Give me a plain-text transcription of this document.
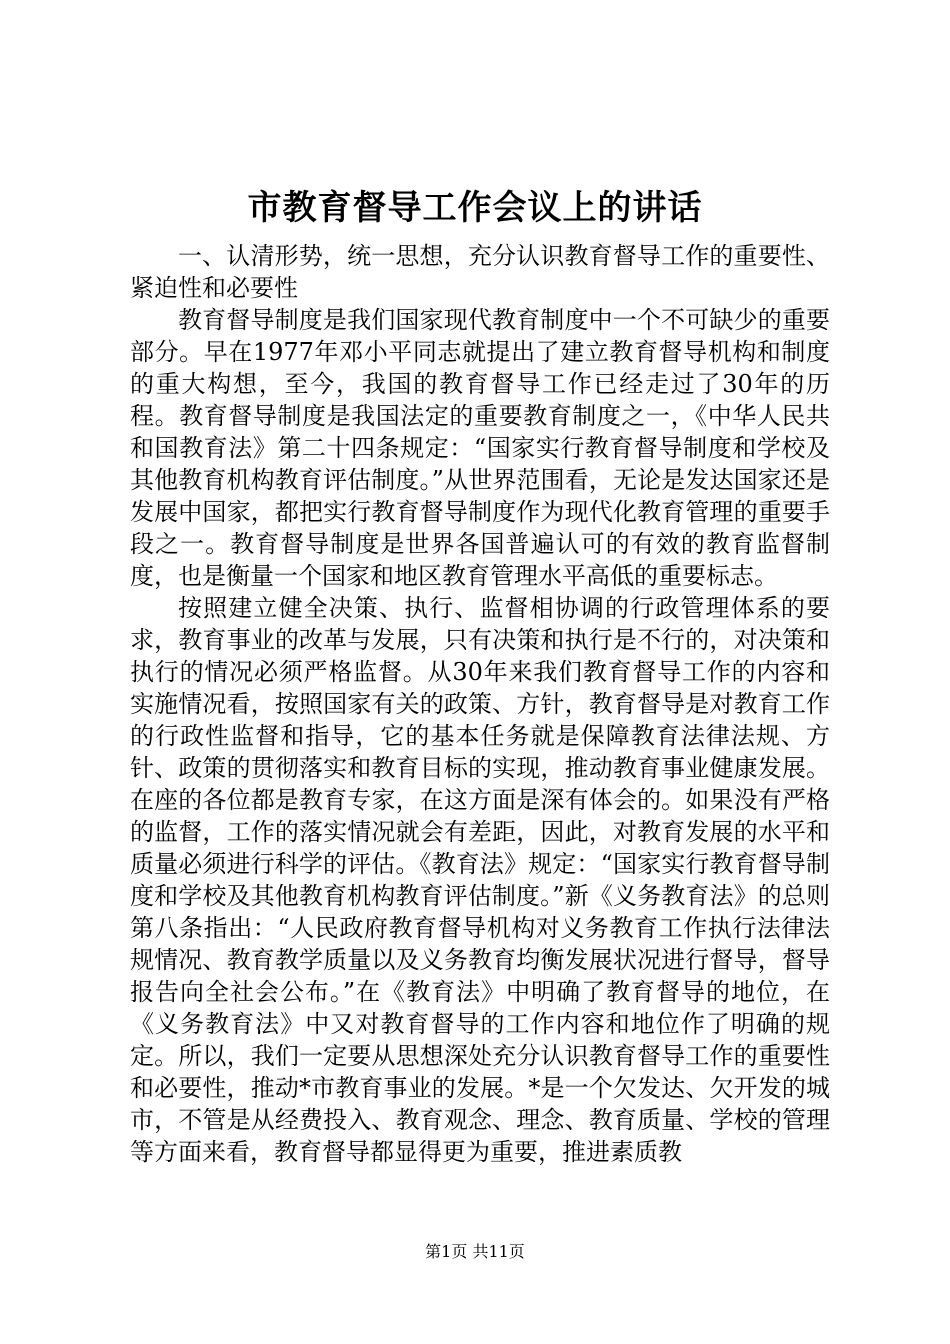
市教育督导工作会议上的讲话

一、认清形势，统一思想，充分认识教育督导工作的重要性、紧迫性和必要性

教育督导制度是我们国家现代教育制度中一个不可缺少的重要部分。早在1977年邓小平同志就提出了建立教育督导机构和制度的重大构想，至今，我国的教育督导工作已经走过了30年的历程。教育督导制度是我国法定的重要教育制度之一，《中华人民共和国教育法》第二十四条规定：“国家实行教育督导制度和学校及其他教育机构教育评估制度。”从世界范围看，无论是发达国家还是发展中国家，都把实行教育督导制度作为现代化教育管理的重要手段之一。教育督导制度是世界各国普遍认可的有效的教育监督制度，也是衡量一个国家和地区教育管理水平高低的重要标志。

按照建立健全决策、执行、监督相协调的行政管理体系的要求，教育事业的改革与发展，只有决策和执行是不行的，对决策和执行的情况必须严格监督。从30年来我们教育督导工作的内容和实施情况看，按照国家有关的政策、方针，教育督导是对教育工作的行政性监督和指导，它的基本任务就是保障教育法律法规、方针、政策的贯彻落实和教育目标的实现，推动教育事业健康发展。在座的各位都是教育专家，在这方面是深有体会的。如果没有严格的监督，工作的落实情况就会有差距，因此，对教育发展的水平和质量必须进行科学的评估。《教育法》规定：“国家实行教育督导制度和学校及其他教育机构教育评估制度。”新《义务教育法》的总则第八条指出：“人民政府教育督导机构对义务教育工作执行法律法规情况、教育教学质量以及义务教育均衡发展状况进行督导，督导报告向全社会公布。”在《教育法》中明确了教育督导的地位，在《义务教育法》中又对教育督导的工作内容和地位作了明确的规定。所以，我们一定要从思想深处充分认识教育督导工作的重要性和必要性，推动*市教育事业的发展。*是一个欠发达、欠开发的城市，不管是从经费投入、教育观念、理念、教育质量、学校的管理等方面来看，教育督导都显得更为重要，推进素质教

第1页 共11页
